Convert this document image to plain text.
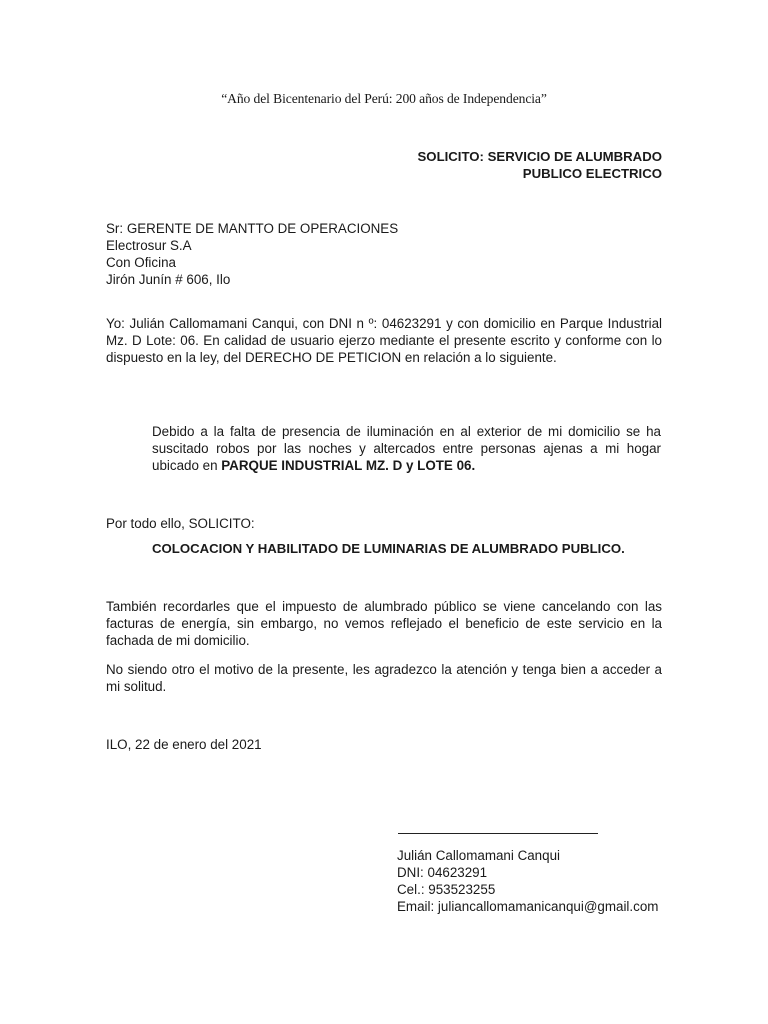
“Año del Bicentenario del Perú: 200 años de Independencia”
SOLICITO: SERVICIO DE ALUMBRADO
PUBLICO ELECTRICO
Sr: GERENTE DE MANTTO DE OPERACIONES
Electrosur S.A
Con Oficina
Jirón Junín # 606, Ilo
Yo: Julián Callomamani Canqui, con DNI n º: 04623291 y con domicilio en Parque Industrial Mz. D Lote: 06. En calidad de usuario ejerzo mediante el presente escrito y conforme con lo dispuesto en la ley, del DERECHO DE PETICION en relación a lo siguiente.
Debido a la falta de presencia de iluminación en al exterior de mi domicilio se ha suscitado robos por las noches y altercados entre personas ajenas a mi hogar ubicado en PARQUE INDUSTRIAL MZ. D y LOTE 06.
Por todo ello, SOLICITO:
COLOCACION Y HABILITADO DE LUMINARIAS DE ALUMBRADO PUBLICO.
También recordarles que el impuesto de alumbrado público se viene cancelando con las facturas de energía, sin embargo, no vemos reflejado el beneficio de este servicio en la fachada de mi domicilio.
No siendo otro el motivo de la presente, les agradezco la atención y tenga bien a acceder a mi solitud.
ILO, 22 de enero del 2021
Julián Callomamani Canqui
DNI: 04623291
Cel.: 953523255
Email: juliancallomamanicanqui@gmail.com
